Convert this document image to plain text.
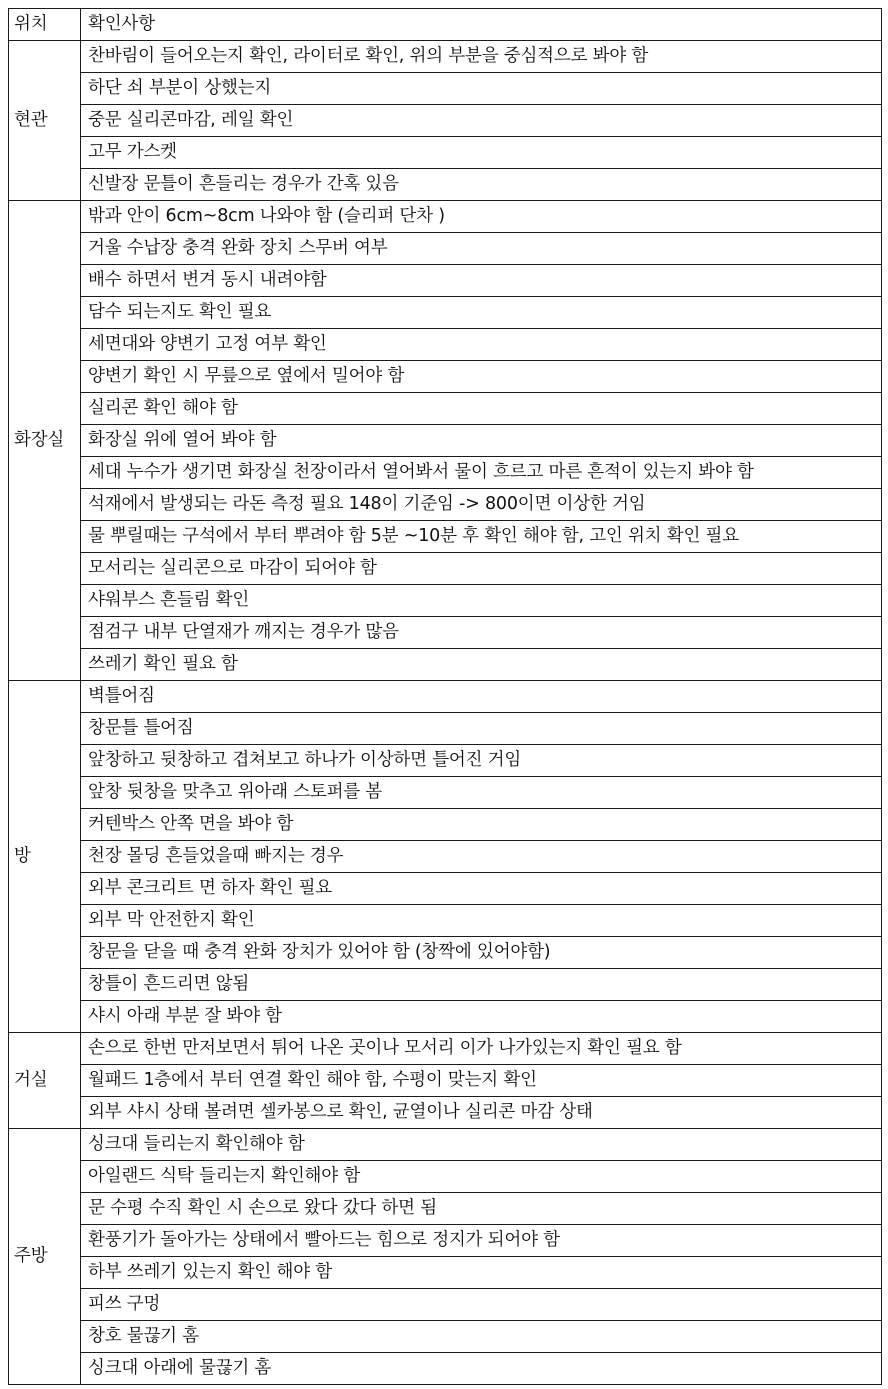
위치	확인사항
현관	찬바림이 들어오는지 확인, 라이터로 확인, 위의 부분을 중심적으로 봐야 함
	하단 쇠 부분이 상했는지
	중문 실리콘마감, 레일 확인
	고무 가스켓
	신발장 문틀이 흔들리는 경우가 간혹 있음
화장실	밖과 안이 6cm~8cm 나와야 함 (슬리퍼 단차 )
	거울 수납장 충격 완화 장치 스무버 여부
	배수 하면서 변겨 동시 내려야함
	담수 되는지도 확인 필요
	세면대와 양변기 고정 여부 확인
	양변기 확인 시 무릎으로 옆에서 밀어야 함
	실리콘 확인 해야 함
	화장실 위에 열어 봐야 함
	세대 누수가 생기면 화장실 천장이라서 열어봐서 물이 흐르고 마른 흔적이 있는지 봐야 함
	석재에서 발생되는 라돈 측정 필요 148이 기준임 -> 800이면 이상한 거임
	물 뿌릴때는 구석에서 부터 뿌려야 함 5분 ~10분 후 확인 해야 함, 고인 위치 확인 필요
	모서리는 실리콘으로 마감이 되어야 함
	샤워부스 흔들림 확인
	점검구 내부 단열재가 깨지는 경우가 많음
	쓰레기 확인 필요 함
방	벽틀어짐
	창문틀 틀어짐
	앞창하고 뒷창하고 겹쳐보고 하나가 이상하면 틀어진 거임
	앞창 뒷창을 맞추고 위아래 스토퍼를 봄
	커텐박스 안쪽 면을 봐야 함
	천장 몰딩 흔들었을때 빠지는 경우
	외부 콘크리트 면 하자 확인 필요
	외부 막 안전한지 확인
	창문을 닫을 때 충격 완화 장치가 있어야 함 (창짝에 있어야함)
	창틀이 흔드리면 않됨
	샤시 아래 부분 잘 봐야 함
거실	손으로 한번 만저보면서 튀어 나온 곳이나 모서리 이가 나가있는지 확인 필요 함
	월패드 1층에서 부터 연결 확인 해야 함, 수평이 맞는지 확인
	외부 샤시 상태 볼려면 셀카봉으로 확인, 균열이나 실리콘 마감 상태
주방	싱크대 들리는지 확인해야 함
	아일랜드 식탁 들리는지 확인해야 함
	문 수평 수직 확인 시 손으로 왔다 갔다 하면 됨
	환풍기가 돌아가는 상태에서 빨아드는 힘으로 정지가 되어야 함
	하부 쓰레기 있는지 확인 해야 함
	피쓰 구멍
	창호 물끊기 홈
	싱크대 아래에 물끊기 홈
